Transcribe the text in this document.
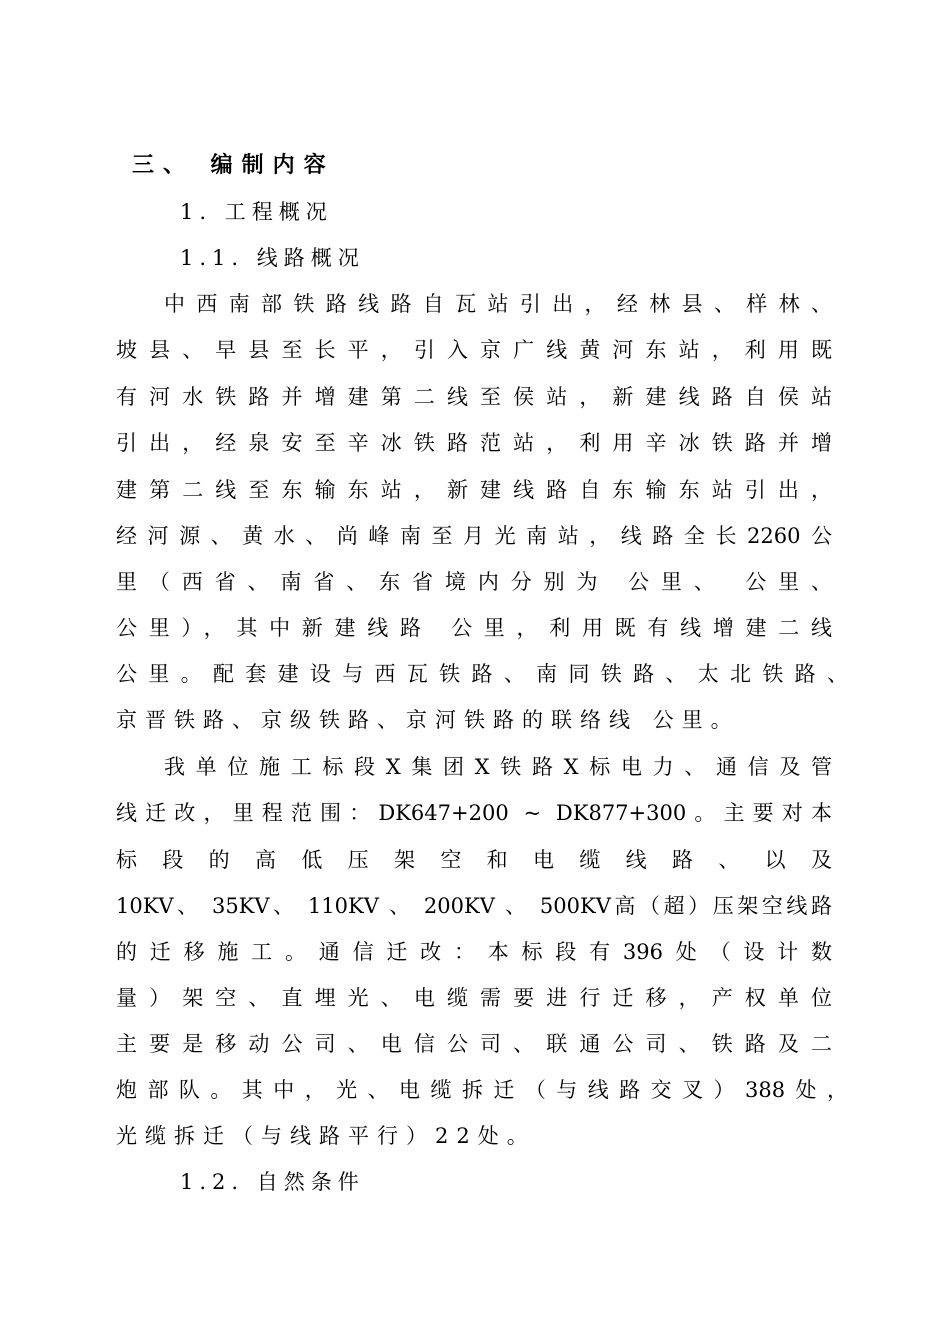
三、 编制内容
1. 工程概况
1.1. 线路概况
中西南部铁路线路自瓦站引出，经林县、样林、
坡县、早县至长平，引入京广线黄河东站，利用既
有河水铁路并增建第二线至侯站，新建线路自侯站
引出，经泉安至辛冰铁路范站，利用辛冰铁路并增
建第二线至东输东站，新建线路自东输东站引出，
经河源、黄水、尚峰南至月光南站，线路全长2260公
里（西省、南省、东省境内分别为 公里、 公里、
公里），其中新建线路 公里，利用既有线增建二线
公里。配套建设与西瓦铁路、南同铁路、太北铁路、
京晋铁路、京级铁路、京河铁路的联络线 公里。
我单位施工标段X集团X铁路X标电力、通信及管
线迁改，里程范围：DK647+200 ~ DK877+300。主要对本
标 段 的 高 低 压 架 空 和 电 缆 线 路 、 以 及
10KV、 35KV、 110KV 、 200KV 、 500KV高（超）压架空线路
的迁移施工。通信迁改：本标段有396处（设计数
量）架空、直埋光、电缆需要进行迁移，产权单位
主要是移动公司、电信公司、联通公司、铁路及二
炮部队。其中，光、电缆拆迁（与线路交叉）388处，
光缆拆迁（与线路平行）22处。
1.2. 自然条件
